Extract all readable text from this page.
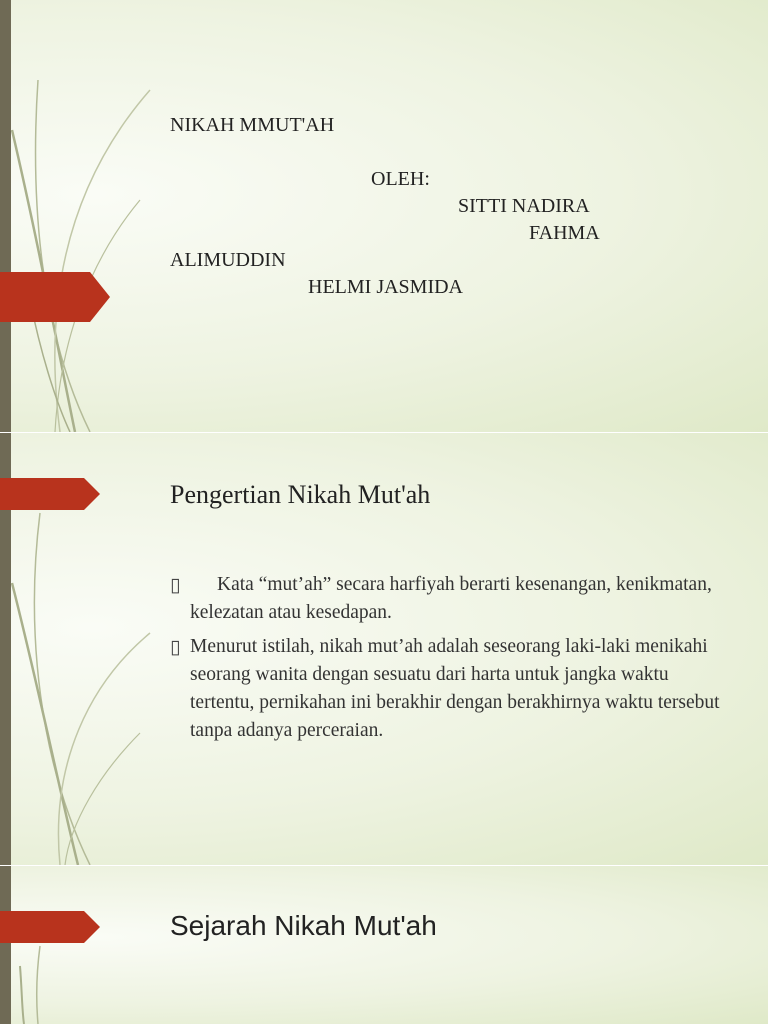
NIKAH MMUT'AH
OLEH:
SITTI NADIRA
FAHMA
ALIMUDDIN
HELMI JASMIDA
Pengertian Nikah Mut'ah
▯	Kata “mut’ah” secara harfiyah berarti kesenangan, kenikmatan, kelezatan atau kesedapan.
▯ Menurut istilah, nikah mut’ah adalah seseorang laki-laki menikahi seorang wanita dengan sesuatu dari harta untuk jangka waktu tertentu, pernikahan ini berakhir dengan berakhirnya waktu tersebut tanpa adanya perceraian.
Sejarah Nikah Mut'ah
